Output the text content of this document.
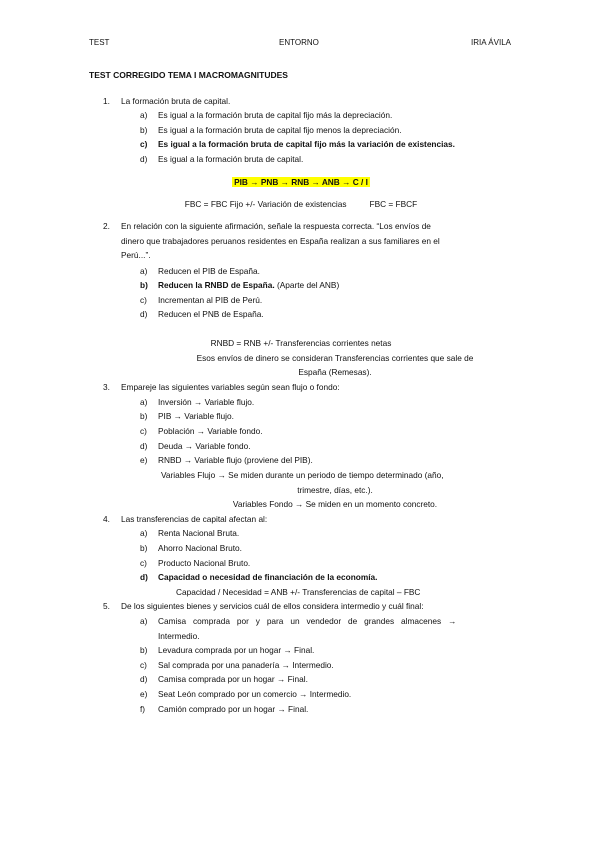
TEST	ENTORNO	IRIA ÁVILA
TEST CORREGIDO TEMA I MACROMAGNITUDES
1.	La formación bruta de capital.
a)	Es igual a la formación bruta de capital fijo más la depreciación.
b)	Es igual a la formación bruta de capital fijo menos la depreciación.
c)	Es igual a la formación bruta de capital fijo más la variación de existencias.
d)	Es igual a la formación bruta de capital.
PIB → PNB → RNB → ANB → C / I
FBC = FBC Fijo +/- Variación de existencias          FBC = FBCF
2.	En relación con la siguiente afirmación, señale la respuesta correcta. “Los envíos de
dinero que trabajadores peruanos residentes en España realizan a sus familiares en el
Perú...”.
a)	Reducen el PIB de España.
b)	Reducen la RNBD de España. (Aparte del ANB)
c)	Incrementan al PIB de Perú.
d)	Reducen el PNB de España.
RNBD = RNB +/- Transferencias corrientes netas
Esos envíos de dinero se consideran Transferencias corrientes que sale de
España (Remesas).
3.	Empareje las siguientes variables según sean flujo o fondo:
a)	Inversión → Variable flujo.
b)	PIB → Variable flujo.
c)	Población → Variable fondo.
d)	Deuda → Variable fondo.
e)	RNBD → Variable flujo (proviene del PIB).
Variables Flujo → Se miden durante un periodo de tiempo determinado (año,
trimestre, días, etc.).
Variables Fondo → Se miden en un momento concreto.
4.	Las transferencias de capital afectan al:
a)	Renta Nacional Bruta.
b)	Ahorro Nacional Bruto.
c)	Producto Nacional Bruto.
d)	Capacidad o necesidad de financiación de la economía.
Capacidad / Necesidad = ANB +/- Transferencias de capital – FBC
5.	De los siguientes bienes y servicios cuál de ellos considera intermedio y cuál final:
a)	Camisa   comprada   por   y   para   un   vendedor   de   grandes   almacenes   →
Intermedio.
b)	Levadura comprada por un hogar → Final.
c)	Sal comprada por una panadería → Intermedio.
d)	Camisa comprada por un hogar → Final.
e)	Seat León comprado por un comercio → Intermedio.
f)	Camión comprado por un hogar → Final.
